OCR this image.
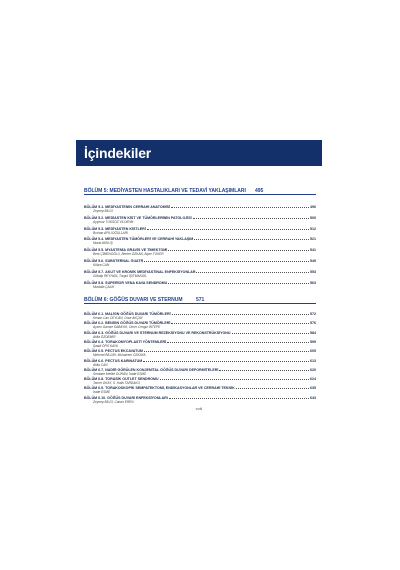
İçindekiler
BÖLÜM 5: MEDİYASTEN HASTALIKLARI VE TEDAVİ YAKLAŞIMLARI 495
BÖLÜM 5.1. MEDİYASTENİN CERRAHİ ANATOMİSİ	496
Zeynep BİLGİ
BÖLÜM 5.2. MEDİASTEN KİST VE TÜMÖRLERİNİN PATOLOJİSİ	500
Ayşenur TOKSÖZ YILDIRIM
BÖLÜM 5.3. MEDİYASTEN KİSTLERİ	512
Burhan APILIOĞULLARI
BÖLÜM 5.4. MEDİYASTEN TÜMÖRLERİ VE CERRAHİ YAKLAŞIM	521
Murat AKKUŞ
BÖLÜM 5.5. MYASTENİA GRAVİS VE TİMEKTOMİ	541
Berk ÇİMENOĞLU, Berker ÖZKAN, Alper TOKER
BÖLÜM 5.6. SUBSTERNAL GUATR	549
Kübra CAN
BÖLÜM 5.7. AKUT VE KRONİK MEDİYASTİNAL ENFEKSİYONLAR	553
Gökalp REYHAN, Turgut IŞITMANGİL
BÖLÜM 5.8. SUPERİOR VENA KAVA SENDROMU	563
Mustafa ÇALIK
BÖLÜM 6: GÖĞÜS DUVARI VE STERNUM	571
BÖLÜM 6.1. MALİGN GÖĞÜS DUVARI TÜMÖRLERİ	572
Kenan Can CEYLAN, Onur AKÇAY
BÖLÜM 6.2. BENİGN GÖĞÜS DUVARI TÜMÖRLERİ	576
Aysen Gamze KABAYIK, Omer Cengiz İNTEPE
BÖLÜM 6.3. GÖĞÜS DUVARI VE STERNUM REZEKSİYONU VE REKONSTRÜKSİYONU	584
Atilla ÖZDEMİR
BÖLÜM 6.4. TORAKOMYOPLASTİ YÖNTEMLERİ	599
Şaadi ÖRS KAYA
BÖLÜM 6.5. PECTUS EKCAVATUM	605
Mehmet BİLGİN, Muharrem ÖZKAYA
BÖLÜM 6.6. PECTUS KARINATUM	613
Atilla CAN
BÖLÜM 6.7. NADİR GÖRÜLEN KONJENİTAL GÖĞÜS DUVARI DEFORMİTELERİ	620
Serdane Melike DURAN, İrade ESME
BÖLÜM 6.8. TORASİK OUTLET SENDROMU	624
Tamer OKAY, S. Halis TARDAKO
BÖLÜM 6.9. TORAKOSKOPİK SEMPATEKTOMİ, ENDİKASYONLAR VE CERRAHİ TEKNİK	635
İrade ESME
BÖLÜM 6.10. GÖĞÜS DUVARI ENFEKSİYONLARI	643
Zeynep BİLGİ, Canan EREN
xviii
